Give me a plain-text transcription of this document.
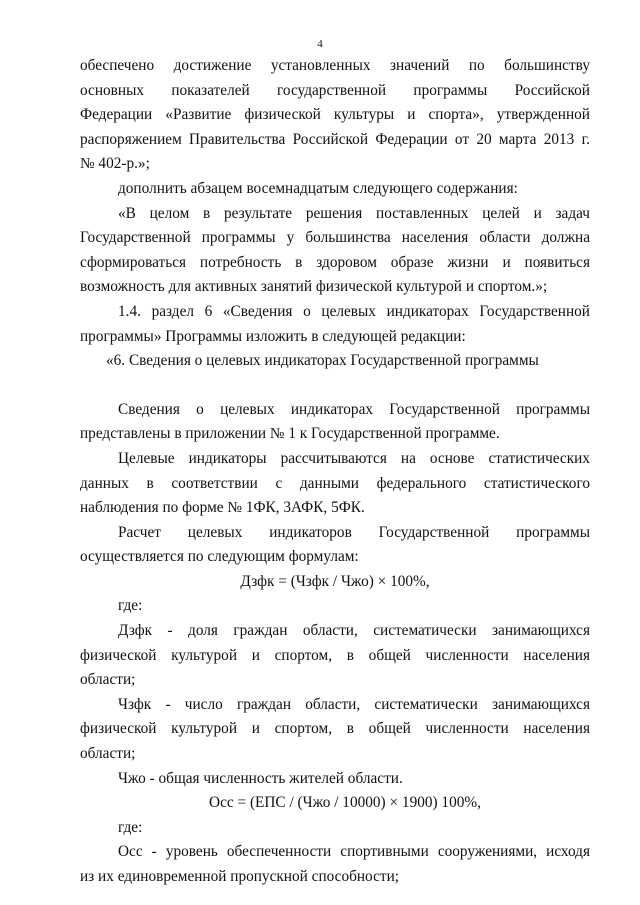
4

обеспечено достижение установленных значений по большинству

основных показателей государственной программы Российской

Федерации «Развитие физической культуры и спорта», утвержденной

распоряжением Правительства Российской Федерации от 20 марта 2013 г.

№ 402-р.»;

дополнить абзацем восемнадцатым следующего содержания:

«В целом в результате решения поставленных целей и задач

Государственной программы у большинства населения области должна

сформироваться потребность в здоровом образе жизни и появиться

возможность для активных занятий физической культурой и спортом.»;

1.4. раздел 6 «Сведения о целевых индикаторах Государственной

программы» Программы изложить в следующей редакции:

«6. Сведения о целевых индикаторах Государственной программы

Сведения о целевых индикаторах Государственной программы

представлены в приложении № 1 к Государственной программе.

Целевые индикаторы рассчитываются на основе статистических

данных в соответствии с данными федерального статистического

наблюдения по форме № 1ФК, 3АФК, 5ФК.

Расчет целевых индикаторов Государственной программы

осуществляется по следующим формулам:

Дзфк = (Чзфк / Чжо) × 100%,

где:

Дзфк - доля граждан области, систематически занимающихся

физической культурой и спортом, в общей численности населения

области;

Чзфк - число граждан области, систематически занимающихся

физической культурой и спортом, в общей численности населения

области;

Чжо - общая численность жителей области.

Осс = (ЕПС / (Чжо / 10000) × 1900) 100%,

где:

Осс - уровень обеспеченности спортивными сооружениями, исходя

из их единовременной пропускной способности;
